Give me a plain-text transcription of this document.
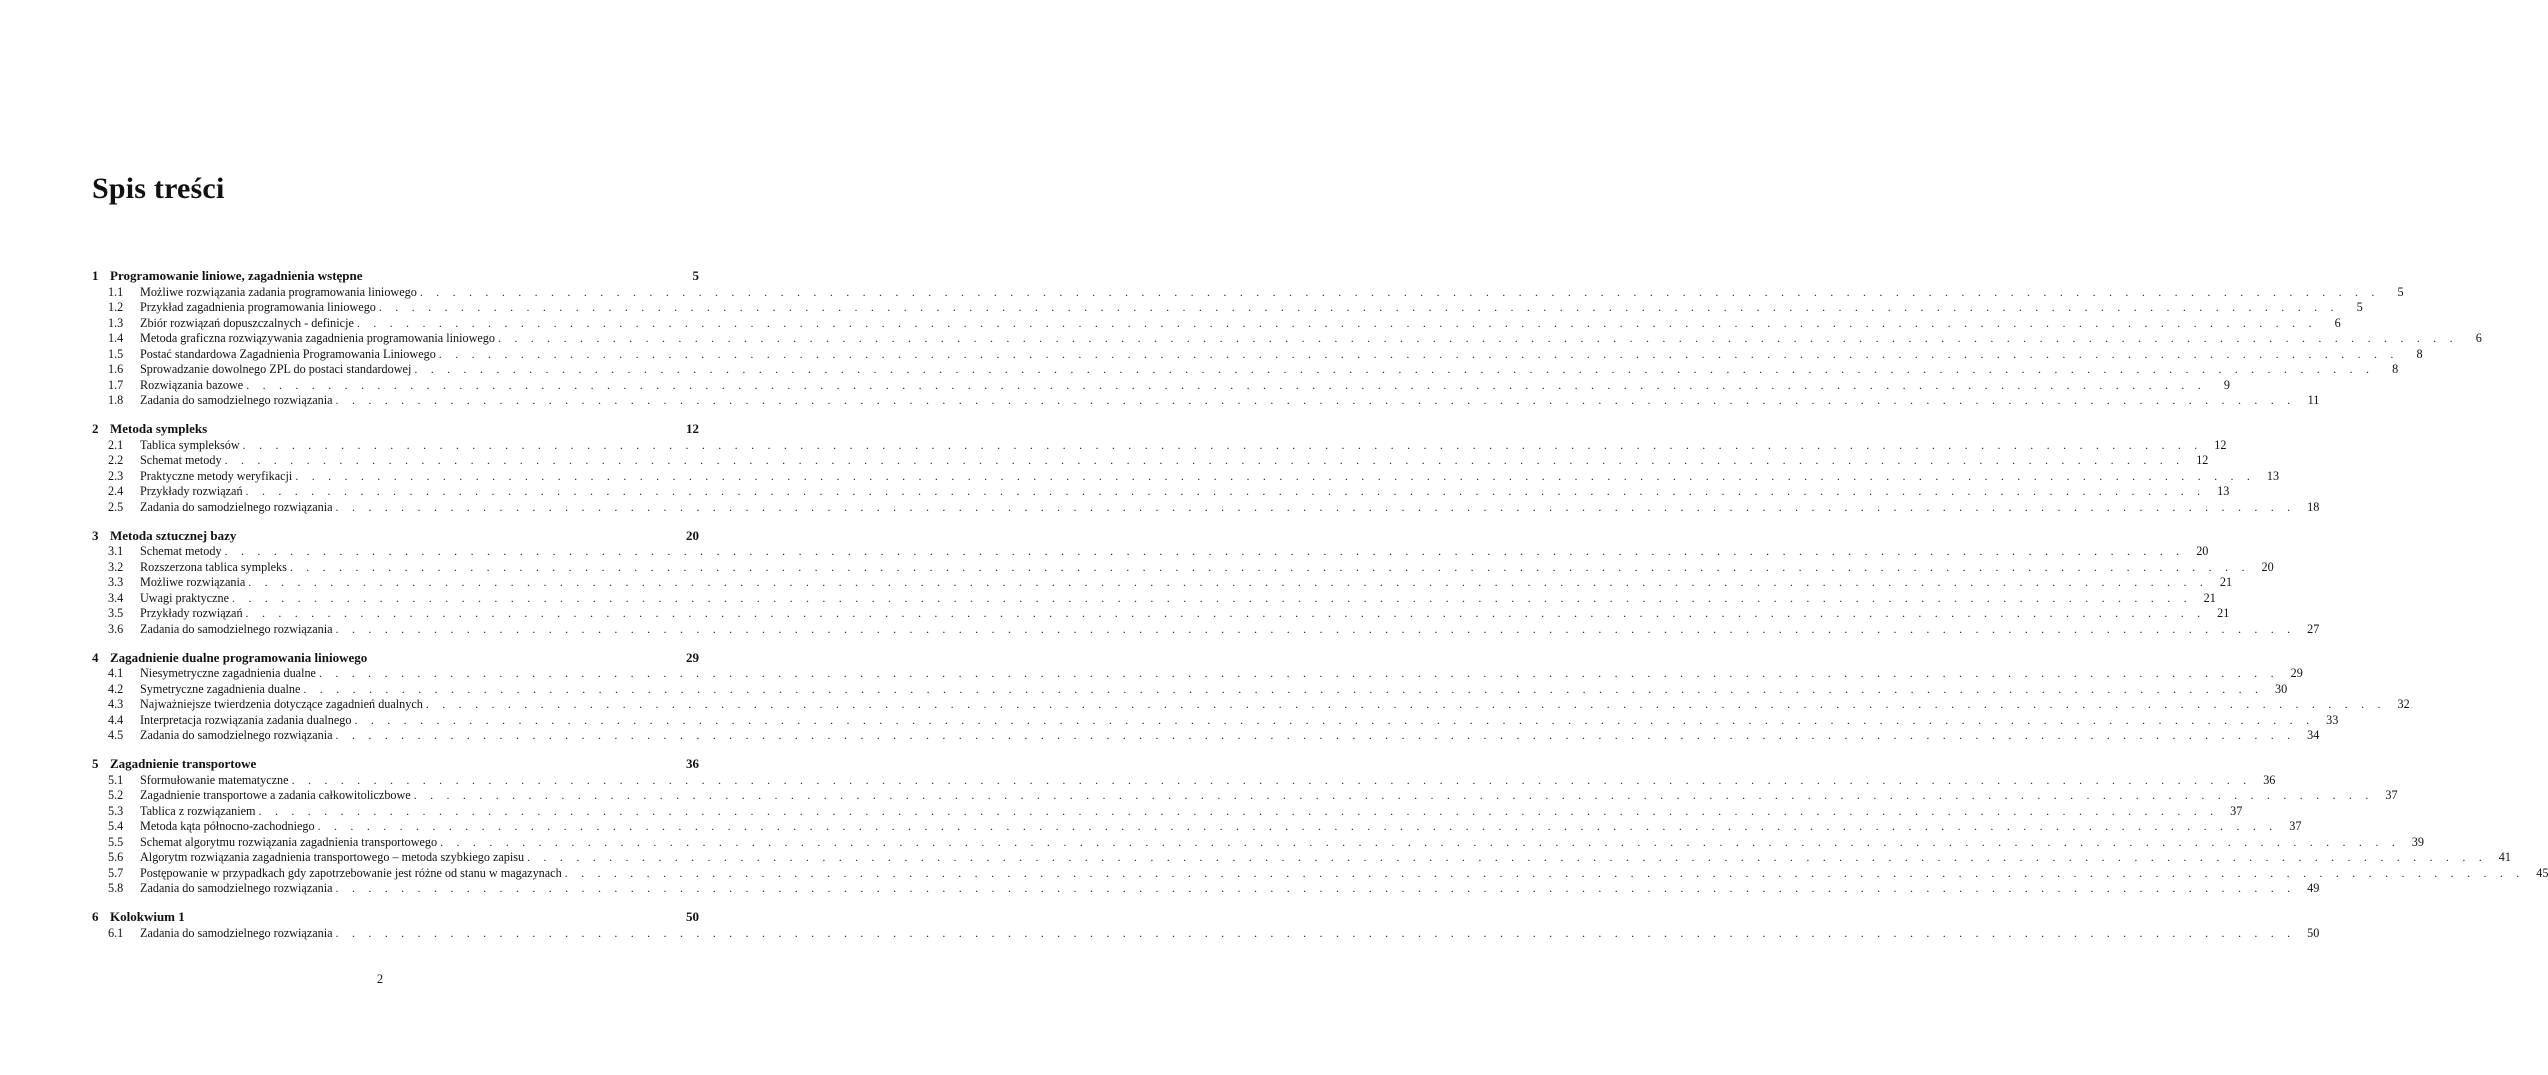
Spis treści
1 Programowanie liniowe, zagadnienia wstępne	5
1.1	Możliwe rozwiązania zadania programowania liniowego . . . . . . . . . . . . . . . . . . . . . . . . . . . . . . . . . . . . . . . . . . . . . . . . . . . . . . . . . . . . . . . . . . . . . . . . . . . . . . . . . . . . . . . . . . . . . . . . . . . . . . . . . . . . . . . . . . . . . . . .	5
1.2	Przykład zagadnienia programowania liniowego . . . . . . . . . . . . . . . . . . . . . . . . . . . . . . . . . . . . . . . . . . . . . . . . . . . . . . . . . . . . . . . . . . . . . . . . . . . . . . . . . . . . . . . . . . . . . . . . . . . . . . . . . . . . . . . . . . . . . . . .	5
1.3	Zbiór rozwiązań dopuszczalnych - definicje . . . . . . . . . . . . . . . . . . . . . . . . . . . . . . . . . . . . . . . . . . . . . . . . . . . . . . . . . . . . . . . . . . . . . . . . . . . . . . . . . . . . . . . . . . . . . . . . . . . . . . . . . . . . . . . . . . . . . . . .	6
1.4	Metoda graficzna rozwiązywania zagadnienia programowania liniowego . . . . . . . . . . . . . . . . . . . . . . . . . . . . . . . . . . . . . . . . . . . . . . . . . . . . . . . . . . . . . . . . . . . . . . . . . . . . . . . . . . . . . . . . . . . . . . . . . . . . . . . . . . . . . . . . . . . . . . . .	6
1.5	Postać standardowa Zagadnienia Programowania Liniowego . . . . . . . . . . . . . . . . . . . . . . . . . . . . . . . . . . . . . . . . . . . . . . . . . . . . . . . . . . . . . . . . . . . . . . . . . . . . . . . . . . . . . . . . . . . . . . . . . . . . . . . . . . . . . . . . . . . . . . . .	8
1.6	Sprowadzanie dowolnego ZPL do postaci standardowej . . . . . . . . . . . . . . . . . . . . . . . . . . . . . . . . . . . . . . . . . . . . . . . . . . . . . . . . . . . . . . . . . . . . . . . . . . . . . . . . . . . . . . . . . . . . . . . . . . . . . . . . . . . . . . . . . . . . . . . .	8
1.7	Rozwiązania bazowe . . . . . . . . . . . . . . . . . . . . . . . . . . . . . . . . . . . . . . . . . . . . . . . . . . . . . . . . . . . . . . . . . . . . . . . . . . . . . . . . . . . . . . . . . . . . . . . . . . . . . . . . . . . . . . . . . . . . . . . .	9
1.8	Zadania do samodzielnego rozwiązania . . . . . . . . . . . . . . . . . . . . . . . . . . . . . . . . . . . . . . . . . . . . . . . . . . . . . . . . . . . . . . . . . . . . . . . . . . . . . . . . . . . . . . . . . . . . . . . . . . . . . . . . . . . . . . . . . . . . . . . .	11
2 Metoda sympleks	12
2.1	Tablica sympleksów . . . . . . . . . . . . . . . . . . . . . . . . . . . . . . . . . . . . . . . . . . . . . . . . . . . . . . . . . . . . . . . . . . . . . . . . . . . . . . . . . . . . . . . . . . . . . . . . . . . . . . . . . . . . . . . . . . . . . . . . 12
2.2	Schemat metody . . . . . . . . . . . . . . . . . . . . . . . . . . . . . . . . . . . . . . . . . . . . . . . . . . . . . . . . . . . . . . . . . . . . . . . . . . . . . . . . . . . . . . . . . . . . . . . . . . . . . . . . . . . . . . . . . . . . . . . . 12
2.3	Praktyczne metody weryfikacji . . . . . . . . . . . . . . . . . . . . . . . . . . . . . . . . . . . . . . . . . . . . . . . . . . . . . . . . . . . . . . . . . . . . . . . . . . . . . . . . . . . . . . . . . . . . . . . . . . . . . . . . . . . . . . . . . . . . . . . . 13
2.4	Przykłady rozwiązań . . . . . . . . . . . . . . . . . . . . . . . . . . . . . . . . . . . . . . . . . . . . . . . . . . . . . . . . . . . . . . . . . . . . . . . . . . . . . . . . . . . . . . . . . . . . . . . . . . . . . . . . . . . . . . . . . . . . . . . . 13
2.5	Zadania do samodzielnego rozwiązania . . . . . . . . . . . . . . . . . . . . . . . . . . . . . . . . . . . . . . . . . . . . . . . . . . . . . . . . . . . . . . . . . . . . . . . . . . . . . . . . . . . . . . . . . . . . . . . . . . . . . . . . . . . . . . . . . . . . . . . . 18
3 Metoda sztucznej bazy	20
3.1	Schemat metody . . . . . . . . . . . . . . . . . . . . . . . . . . . . . . . . . . . . . . . . . . . . . . . . . . . . . . . . . . . . . . . . . . . . . . . . . . . . . . . . . . . . . . . . . . . . . . . . . . . . . . . . . . . . . . . . . . . . . . . . 20
3.2	Rozszerzona tablica sympleks . . . . . . . . . . . . . . . . . . . . . . . . . . . . . . . . . . . . . . . . . . . . . . . . . . . . . . . . . . . . . . . . . . . . . . . . . . . . . . . . . . . . . . . . . . . . . . . . . . . . . . . . . . . . . . . . . . . . . . . . 20
3.3	Możliwe rozwiązania . . . . . . . . . . . . . . . . . . . . . . . . . . . . . . . . . . . . . . . . . . . . . . . . . . . . . . . . . . . . . . . . . . . . . . . . . . . . . . . . . . . . . . . . . . . . . . . . . . . . . . . . . . . . . . . . . . . . . . . . 21
3.4	Uwagi praktyczne . . . . . . . . . . . . . . . . . . . . . . . . . . . . . . . . . . . . . . . . . . . . . . . . . . . . . . . . . . . . . . . . . . . . . . . . . . . . . . . . . . . . . . . . . . . . . . . . . . . . . . . . . . . . . . . . . . . . . . . . 21
3.5	Przykłady rozwiązań . . . . . . . . . . . . . . . . . . . . . . . . . . . . . . . . . . . . . . . . . . . . . . . . . . . . . . . . . . . . . . . . . . . . . . . . . . . . . . . . . . . . . . . . . . . . . . . . . . . . . . . . . . . . . . . . . . . . . . . . 21
3.6	Zadania do samodzielnego rozwiązania . . . . . . . . . . . . . . . . . . . . . . . . . . . . . . . . . . . . . . . . . . . . . . . . . . . . . . . . . . . . . . . . . . . . . . . . . . . . . . . . . . . . . . . . . . . . . . . . . . . . . . . . . . . . . . . . . . . . . . . . 27
4 Zagadnienie dualne programowania liniowego	29
4.1	Niesymetryczne zagadnienia dualne . . . . . . . . . . . . . . . . . . . . . . . . . . . . . . . . . . . . . . . . . . . . . . . . . . . . . . . . . . . . . . . . . . . . . . . . . . . . . . . . . . . . . . . . . . . . . . . . . . . . . . . . . . . . . . . . . . . . . . . . 29
4.2	Symetryczne zagadnienia dualne . . . . . . . . . . . . . . . . . . . . . . . . . . . . . . . . . . . . . . . . . . . . . . . . . . . . . . . . . . . . . . . . . . . . . . . . . . . . . . . . . . . . . . . . . . . . . . . . . . . . . . . . . . . . . . . . . . . . . . . . 30
4.3	Najważniejsze twierdzenia dotyczące zagadnień dualnych . . . . . . . . . . . . . . . . . . . . . . . . . . . . . . . . . . . . . . . . . . . . . . . . . . . . . . . . . . . . . . . . . . . . . . . . . . . . . . . . . . . . . . . . . . . . . . . . . . . . . . . . . . . . . . . . . . . . . . . . 32
4.4	Interpretacja rozwiązania zadania dualnego . . . . . . . . . . . . . . . . . . . . . . . . . . . . . . . . . . . . . . . . . . . . . . . . . . . . . . . . . . . . . . . . . . . . . . . . . . . . . . . . . . . . . . . . . . . . . . . . . . . . . . . . . . . . . . . . . . . . . . . . 33
4.5	Zadania do samodzielnego rozwiązania . . . . . . . . . . . . . . . . . . . . . . . . . . . . . . . . . . . . . . . . . . . . . . . . . . . . . . . . . . . . . . . . . . . . . . . . . . . . . . . . . . . . . . . . . . . . . . . . . . . . . . . . . . . . . . . . . . . . . . . . 34
5 Zagadnienie transportowe	36
5.1	Sformułowanie matematyczne . . . . . . . . . . . . . . . . . . . . . . . . . . . . . . . . . . . . . . . . . . . . . . . . . . . . . . . . . . . . . . . . . . . . . . . . . . . . . . . . . . . . . . . . . . . . . . . . . . . . . . . . . . . . . . . . . . . . . . . . 36
5.2	Zagadnienie transportowe a zadania całkowitoliczbowe . . . . . . . . . . . . . . . . . . . . . . . . . . . . . . . . . . . . . . . . . . . . . . . . . . . . . . . . . . . . . . . . . . . . . . . . . . . . . . . . . . . . . . . . . . . . . . . . . . . . . . . . . . . . . . . . . . . . . . . . 37
5.3	Tablica z rozwiązaniem . . . . . . . . . . . . . . . . . . . . . . . . . . . . . . . . . . . . . . . . . . . . . . . . . . . . . . . . . . . . . . . . . . . . . . . . . . . . . . . . . . . . . . . . . . . . . . . . . . . . . . . . . . . . . . . . . . . . . . . . 37
5.4	Metoda kąta północno-zachodniego . . . . . . . . . . . . . . . . . . . . . . . . . . . . . . . . . . . . . . . . . . . . . . . . . . . . . . . . . . . . . . . . . . . . . . . . . . . . . . . . . . . . . . . . . . . . . . . . . . . . . . . . . . . . . . . . . . . . . . . . 37
5.5	Schemat algorytmu rozwiązania zagadnienia transportowego . . . . . . . . . . . . . . . . . . . . . . . . . . . . . . . . . . . . . . . . . . . . . . . . . . . . . . . . . . . . . . . . . . . . . . . . . . . . . . . . . . . . . . . . . . . . . . . . . . . . . . . . . . . . . . . . . . . . . . . . 39
5.6	Algorytm rozwiązania zagadnienia transportowego – metoda szybkiego zapisu . . . . . . . . . . . . . . . . . . . . . . . . . . . . . . . . . . . . . . . . . . . . . . . . . . . . . . . . . . . . . . . . . . . . . . . . . . . . . . . . . . . . . . . . . . . . . . . . . . . . . . . . . . . . . . . . . . . . . . . . 41
5.7	Postępowanie w przypadkach gdy zapotrzebowanie jest różne od stanu w magazynach . . . . . . . . . . . . . . . . . . . . . . . . . . . . . . . . . . . . . . . . . . . . . . . . . . . . . . . . . . . . . . . . . . . . . . . . . . . . . . . . . . . . . . . . . . . . . . . . . . . . . . . . . . . . . . . . . . . . . . . . 45
5.8	Zadania do samodzielnego rozwiązania . . . . . . . . . . . . . . . . . . . . . . . . . . . . . . . . . . . . . . . . . . . . . . . . . . . . . . . . . . . . . . . . . . . . . . . . . . . . . . . . . . . . . . . . . . . . . . . . . . . . . . . . . . . . . . . . . . . . . . . . 49
6 Kolokwium 1	50
6.1	Zadania do samodzielnego rozwiązania . . . . . . . . . . . . . . . . . . . . . . . . . . . . . . . . . . . . . . . . . . . . . . . . . . . . . . . . . . . . . . . . . . . . . . . . . . . . . . . . . . . . . . . . . . . . . . . . . . . . . . . . . . . . . . . . . . . . . . . . 50
2
